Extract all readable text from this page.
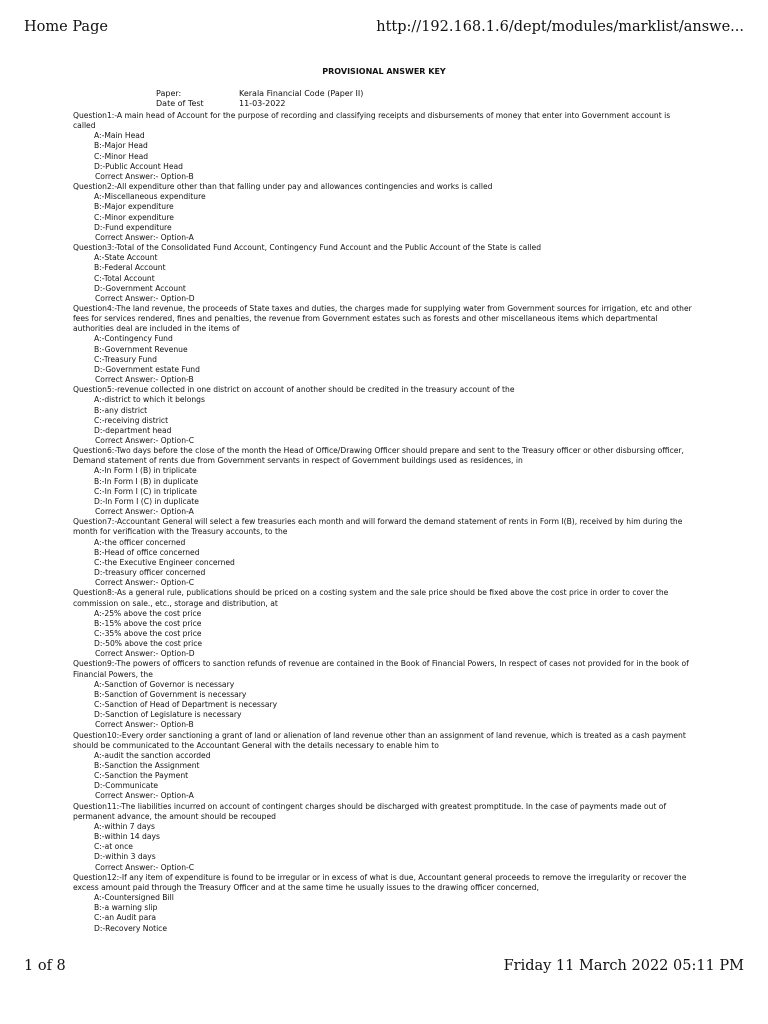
Home Page	http://192.168.1.6/dept/modules/marklist/answe...
PROVISIONAL ANSWER KEY
Paper:	Kerala Financial Code (Paper II)
Date of Test	11-03-2022
Question1:-A main head of Account for the purpose of recording and classifying receipts and disbursements of money that enter into Government account is called
A:-Main Head
B:-Major Head
C:-Minor Head
D:-Public Account Head
Correct Answer:- Option-B
Question2:-All expenditure other than that falling under pay and allowances contingencies and works is called
A:-Miscellaneous expenditure
B:-Major expenditure
C:-Minor expenditure
D:-Fund expenditure
Correct Answer:- Option-A
Question3:-Total of the Consolidated Fund Account, Contingency Fund Account and the Public Account of the State is called
A:-State Account
B:-Federal Account
C:-Total Account
D:-Government Account
Correct Answer:- Option-D
Question4:-The land revenue, the proceeds of State taxes and duties, the charges made for supplying water from Government sources for irrigation, etc and other fees for services rendered, fines and penalties, the revenue from Government estates such as forests and other miscellaneous items which departmental authorities deal are included in the items of
A:-Contingency Fund
B:-Government Revenue
C:-Treasury Fund
D:-Government estate Fund
Correct Answer:- Option-B
Question5:-revenue collected in one district on account of another should be credited in the treasury account of the
A:-district to which it belongs
B:-any district
C:-receiving district
D:-department head
Correct Answer:- Option-C
Question6:-Two days before the close of the month the Head of Office/Drawing Officer should prepare and sent to the Treasury officer or other disbursing officer, Demand statement of rents due from Government servants in respect of Government buildings used as residences, in
A:-In Form I (B) in triplicate
B:-In Form I (B) in duplicate
C:-In Form I (C) in triplicate
D:-In Form I (C) in duplicate
Correct Answer:- Option-A
Question7:-Accountant General will select a few treasuries each month and will forward the demand statement of rents in Form I(B), received by him during the month for verification with the Treasury accounts, to the
A:-the officer concerned
B:-Head of office concerned
C:-the Executive Engineer concerned
D:-treasury officer concerned
Correct Answer:- Option-C
Question8:-As a general rule, publications should be priced on a costing system and the sale price should be fixed above the cost price in order to cover the commission on sale., etc., storage and distribution, at
A:-25% above the cost price
B:-15% above the cost price
C:-35% above the cost price
D:-50% above the cost price
Correct Answer:- Option-D
Question9:-The powers of officers to sanction refunds of revenue are contained in the Book of Financial Powers, In respect of cases not provided for in the book of Financial Powers, the
A:-Sanction of Governor is necessary
B:-Sanction of Government is necessary
C:-Sanction of Head of Department is necessary
D:-Sanction of Legislature is necessary
Correct Answer:- Option-B
Question10:-Every order sanctioning a grant of land or alienation of land revenue other than an assignment of land revenue, which is treated as a cash payment should be communicated to the Accountant General with the details necessary to enable him to
A:-audit the sanction accorded
B:-Sanction the Assignment
C:-Sanction the Payment
D:-Communicate
Correct Answer:- Option-A
Question11:-The liabilities incurred on account of contingent charges should be discharged with greatest promptitude. In the case of payments made out of permanent advance, the amount should be recouped
A:-within 7 days
B:-within 14 days
C:-at once
D:-within 3 days
Correct Answer:- Option-C
Question12:-If any item of expenditure is found to be irregular or in excess of what is due, Accountant general proceeds to remove the irregularity or recover the excess amount paid through the Treasury Officer and at the same time he usually issues to the drawing officer concerned,
A:-Countersigned Bill
B:-a warning slip
C:-an Audit para
D:-Recovery Notice
1 of 8	Friday 11 March 2022 05:11 PM
